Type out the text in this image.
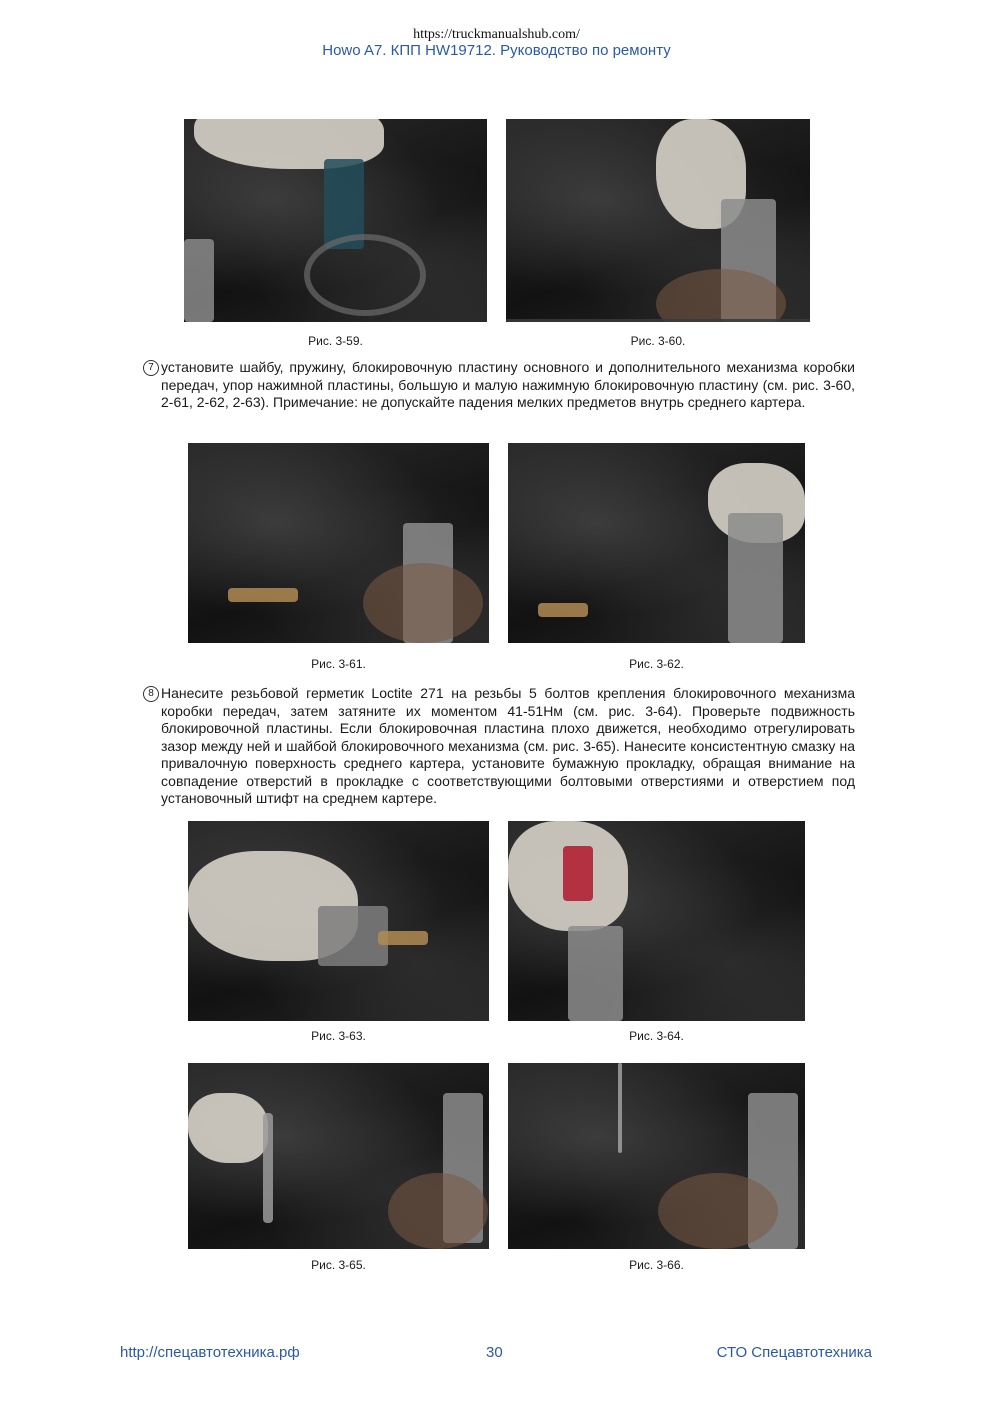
https://truckmanualshub.com/
Howo A7. КПП HW19712. Руководство по ремонту
Рис. 3-59.	Рис. 3-60.
7 установите шайбу, пружину, блокировочную пластину основного и дополнительного механизма коробки передач, упор нажимной пластины, большую и малую нажимную блокировочную пластину (см. рис. 3-60, 2-61, 2-62, 2-63). Примечание: не допускайте падения мелких предметов внутрь среднего картера.
Рис. 3-61.	Рис. 3-62.
8 Нанесите резьбовой герметик Loctite 271 на резьбы 5 болтов крепления блокировочного механизма коробки передач, затем затяните их моментом 41-51Нм (см. рис. 3-64). Проверьте подвижность блокировочной пластины. Если блокировочная пластина плохо движется, необходимо отрегулировать зазор между ней и шайбой блокировочного механизма (см. рис. 3-65). Нанесите консистентную смазку на привалочную поверхность среднего картера, установите бумажную прокладку, обращая внимание на совпадение отверстий в прокладке с соответствующими болтовыми отверстиями и отверстием под установочный штифт на среднем картере.
Рис. 3-63.	Рис. 3-64.
Рис. 3-65.	Рис. 3-66.
http://спецавтотехника.рф	30	СТО Спецавтотехника
